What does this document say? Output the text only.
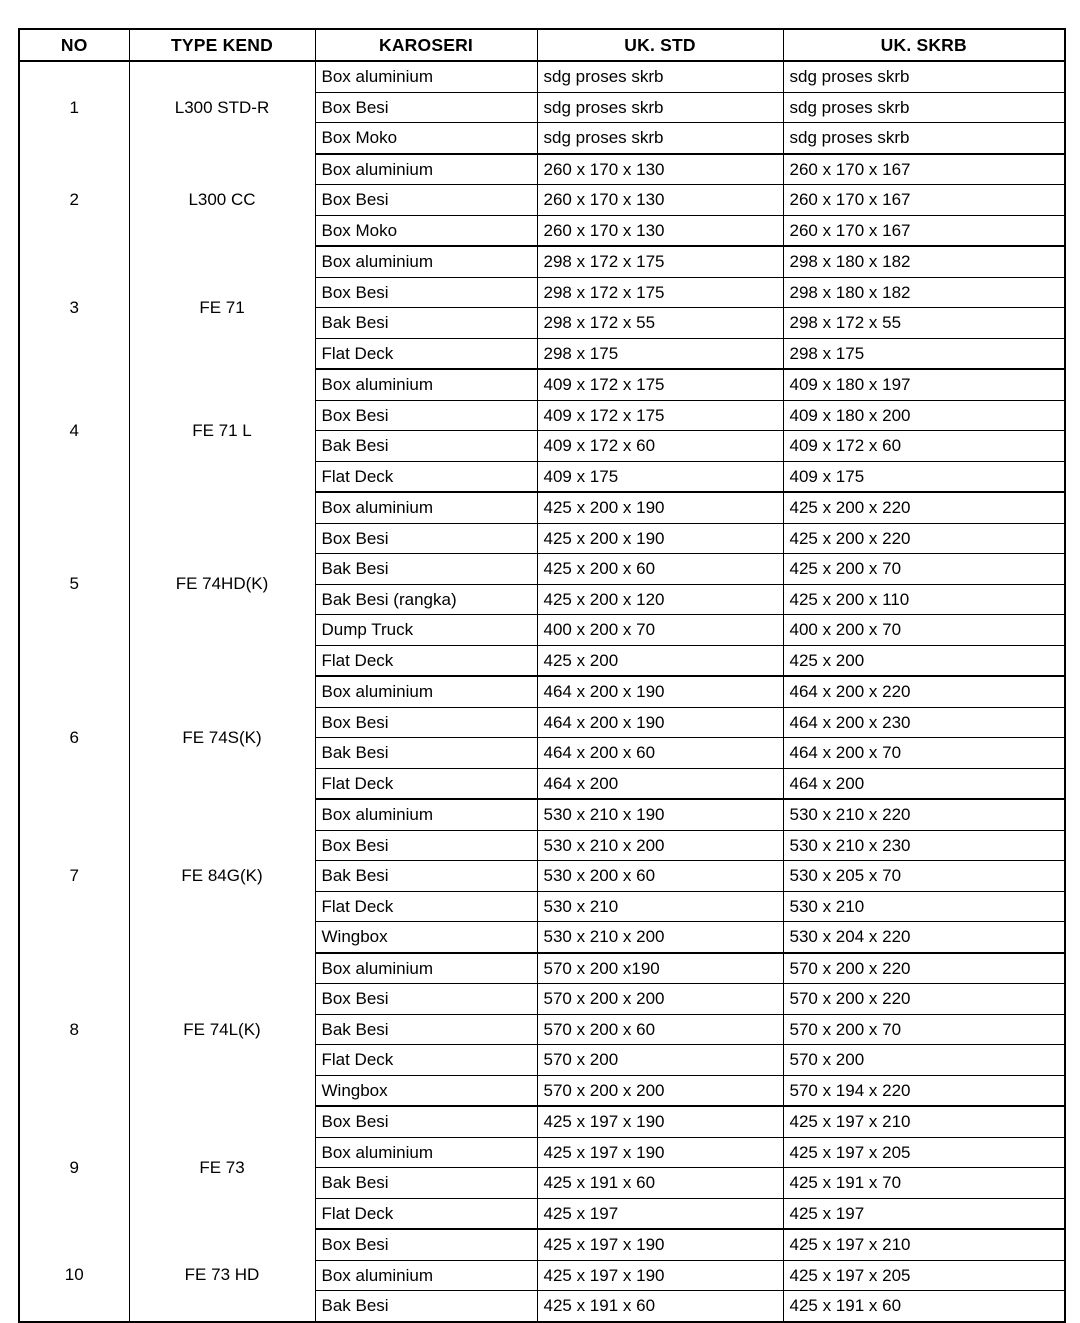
NO	TYPE KEND	KAROSERI	UK. STD	UK. SKRB
1	L300 STD-R	Box aluminium	sdg proses skrb	sdg proses skrb
		Box Besi	sdg proses skrb	sdg proses skrb
		Box Moko	sdg proses skrb	sdg proses skrb
2	L300 CC	Box aluminium	260 x 170 x 130	260 x 170 x 167
		Box Besi	260 x 170 x 130	260 x 170 x 167
		Box Moko	260 x 170 x 130	260 x 170 x 167
3	FE 71	Box aluminium	298 x 172 x 175	298 x 180 x 182
		Box Besi	298 x 172 x 175	298 x 180 x 182
		Bak Besi	298 x 172 x 55	298 x 172 x 55
		Flat Deck	298 x 175	298 x 175
4	FE 71 L	Box aluminium	409 x 172 x 175	409 x 180 x 197
		Box Besi	409 x 172 x 175	409 x 180 x 200
		Bak Besi	409 x 172 x 60	409 x 172 x 60
		Flat Deck	409 x 175	409 x 175
5	FE 74HD(K)	Box aluminium	425 x 200 x 190	425 x 200 x 220
		Box Besi	425 x 200 x 190	425 x 200 x 220
		Bak Besi	425 x 200 x 60	425 x 200 x 70
		Bak Besi (rangka)	425 x 200 x 120	425 x 200 x 110
		Dump Truck	400 x 200 x 70	400 x 200 x 70
		Flat Deck	425 x 200	425 x 200
6	FE 74S(K)	Box aluminium	464 x 200 x 190	464 x 200 x 220
		Box Besi	464 x 200 x 190	464 x 200 x 230
		Bak Besi	464 x 200 x 60	464 x 200 x 70
		Flat Deck	464 x 200	464 x 200
7	FE 84G(K)	Box aluminium	530 x 210 x 190	530 x 210 x 220
		Box Besi	530 x 210 x 200	530 x 210 x 230
		Bak Besi	530 x 200 x 60	530 x 205 x 70
		Flat Deck	530 x 210	530 x 210
		Wingbox	530 x 210 x 200	530 x 204 x 220
8	FE 74L(K)	Box aluminium	570 x 200 x190	570 x 200 x 220
		Box Besi	570 x 200 x 200	570 x 200 x 220
		Bak Besi	570 x 200 x 60	570 x 200 x 70
		Flat Deck	570 x 200	570 x 200
		Wingbox	570 x 200 x 200	570 x 194 x 220
9	FE 73	Box Besi	425 x 197 x 190	425 x 197 x 210
		Box aluminium	425 x 197 x 190	425 x 197 x 205
		Bak Besi	425 x 191 x 60	425 x 191 x 70
		Flat Deck	425 x 197	425 x 197
10	FE 73 HD	Box Besi	425 x 197 x 190	425 x 197 x 210
		Box aluminium	425 x 197 x 190	425 x 197 x 205
		Bak Besi	425 x 191 x 60	425 x 191 x 60
